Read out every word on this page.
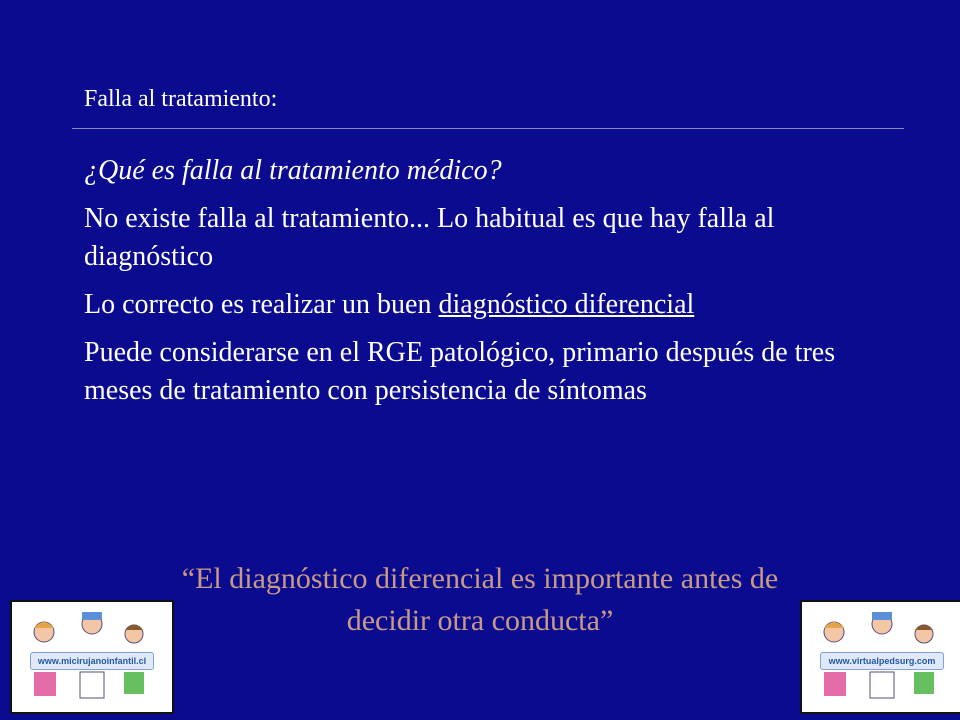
Falla al tratamiento:
¿Qué es falla al tratamiento médico?
No existe falla al tratamiento... Lo habitual es que hay falla al diagnóstico
Lo correcto es realizar un buen diagnóstico diferencial
Puede considerarse en el RGE patológico, primario después de tres meses de tratamiento con persistencia de síntomas
“El diagnóstico diferencial es importante antes de decidir otra conducta”
www.micirujanoinfantil.cl	www.virtualpedsurg.com
